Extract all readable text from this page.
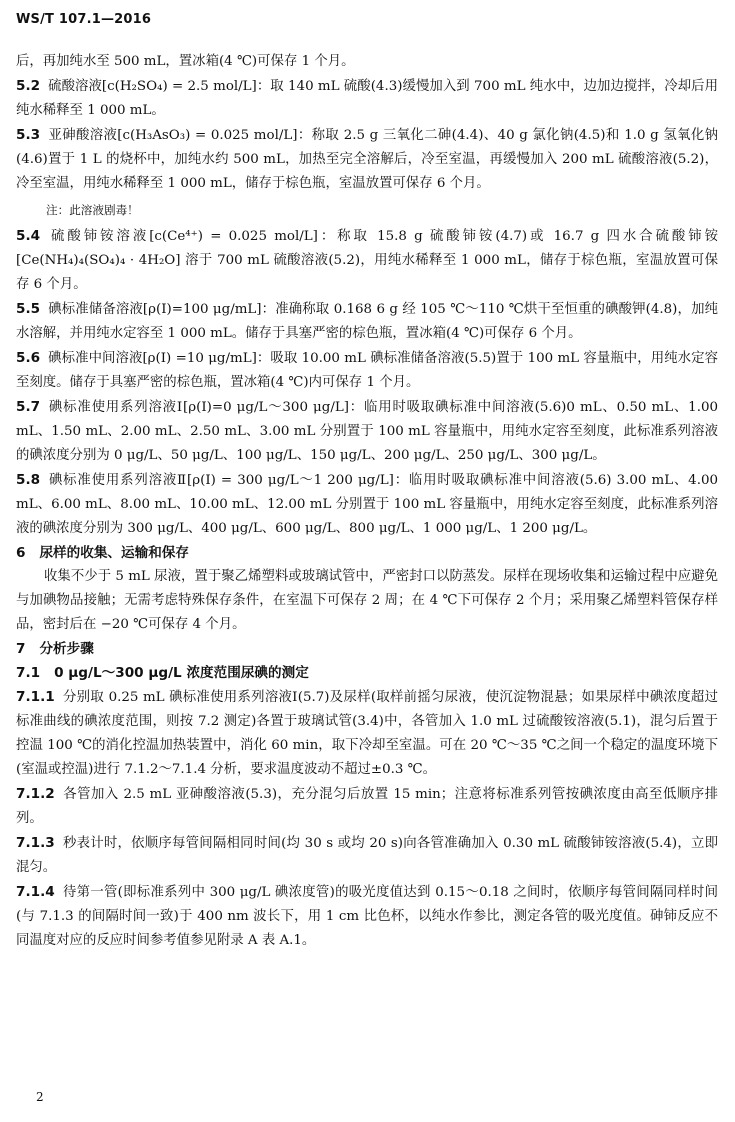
WS/T 107.1—2016

后，再加纯水至 500 mL，置冰箱(4 ℃)可保存 1 个月。

5.2 硫酸溶液[c(H₂SO₄) = 2.5 mol/L]：取 140 mL 硫酸(4.3)缓慢加入到 700 mL 纯水中，边加边搅拌，冷却后用纯水稀释至 1 000 mL。

5.3 亚砷酸溶液[c(H₃AsO₃) = 0.025 mol/L]：称取 2.5 g 三氧化二砷(4.4)、40 g 氯化钠(4.5)和 1.0 g 氢氧化钠(4.6)置于 1 L 的烧杯中，加纯水约 500 mL，加热至完全溶解后，冷至室温，再缓慢加入 200 mL 硫酸溶液(5.2)，冷至室温，用纯水稀释至 1 000 mL，储存于棕色瓶，室温放置可保存 6 个月。

注：此溶液剧毒！

5.4 硫酸铈铵溶液[c(Ce⁴⁺) = 0.025 mol/L]：称取 15.8 g 硫酸铈铵(4.7)或 16.7 g 四水合硫酸铈铵[Ce(NH₄)₄(SO₄)₄ · 4H₂O] 溶于 700 mL 硫酸溶液(5.2)，用纯水稀释至 1 000 mL，储存于棕色瓶，室温放置可保存 6 个月。

5.5 碘标准储备溶液[ρ(I)=100 μg/mL]：准确称取 0.168 6 g 经 105 ℃～110 ℃烘干至恒重的碘酸钾(4.8)，加纯水溶解，并用纯水定容至 1 000 mL。储存于具塞严密的棕色瓶，置冰箱(4 ℃)可保存 6 个月。

5.6 碘标准中间溶液[ρ(I) =10 μg/mL]：吸取 10.00 mL 碘标准储备溶液(5.5)置于 100 mL 容量瓶中，用纯水定容至刻度。储存于具塞严密的棕色瓶，置冰箱(4 ℃)内可保存 1 个月。

5.7 碘标准使用系列溶液Ⅰ[ρ(I)=0 μg/L～300 μg/L]：临用时吸取碘标准中间溶液(5.6)0 mL、0.50 mL、1.00 mL、1.50 mL、2.00 mL、2.50 mL、3.00 mL 分别置于 100 mL 容量瓶中，用纯水定容至刻度，此标准系列溶液的碘浓度分别为 0 μg/L、50 μg/L、100 μg/L、150 μg/L、200 μg/L、250 μg/L、300 μg/L。

5.8 碘标准使用系列溶液Ⅱ[ρ(I) = 300 μg/L～1 200 μg/L]：临用时吸取碘标准中间溶液(5.6) 3.00 mL、4.00 mL、6.00 mL、8.00 mL、10.00 mL、12.00 mL 分别置于 100 mL 容量瓶中，用纯水定容至刻度，此标准系列溶液的碘浓度分别为 300 μg/L、400 μg/L、600 μg/L、800 μg/L、1 000 μg/L、1 200 μg/L。

6 尿样的收集、运输和保存

收集不少于 5 mL 尿液，置于聚乙烯塑料或玻璃试管中，严密封口以防蒸发。尿样在现场收集和运输过程中应避免与加碘物品接触；无需考虑特殊保存条件，在室温下可保存 2 周；在 4 ℃下可保存 2 个月；采用聚乙烯塑料管保存样品，密封后在 −20 ℃可保存 4 个月。

7 分析步骤

7.1 0 μg/L～300 μg/L 浓度范围尿碘的测定

7.1.1 分别取 0.25 mL 碘标准使用系列溶液Ⅰ(5.7)及尿样(取样前摇匀尿液，使沉淀物混悬；如果尿样中碘浓度超过标准曲线的碘浓度范围，则按 7.2 测定)各置于玻璃试管(3.4)中，各管加入 1.0 mL 过硫酸铵溶液(5.1)，混匀后置于控温 100 ℃的消化控温加热装置中，消化 60 min，取下冷却至室温。可在 20 ℃～35 ℃之间一个稳定的温度环境下(室温或控温)进行 7.1.2～7.1.4 分析，要求温度波动不超过±0.3 ℃。

7.1.2 各管加入 2.5 mL 亚砷酸溶液(5.3)，充分混匀后放置 15 min；注意将标准系列管按碘浓度由高至低顺序排列。

7.1.3 秒表计时，依顺序每管间隔相同时间(均 30 s 或均 20 s)向各管准确加入 0.30 mL 硫酸铈铵溶液(5.4)，立即混匀。

7.1.4 待第一管(即标准系列中 300 μg/L 碘浓度管)的吸光度值达到 0.15～0.18 之间时，依顺序每管间隔同样时间(与 7.1.3 的间隔时间一致)于 400 nm 波长下，用 1 cm 比色杯，以纯水作参比，测定各管的吸光度值。砷铈反应不同温度对应的反应时间参考值参见附录 A 表 A.1。

2
